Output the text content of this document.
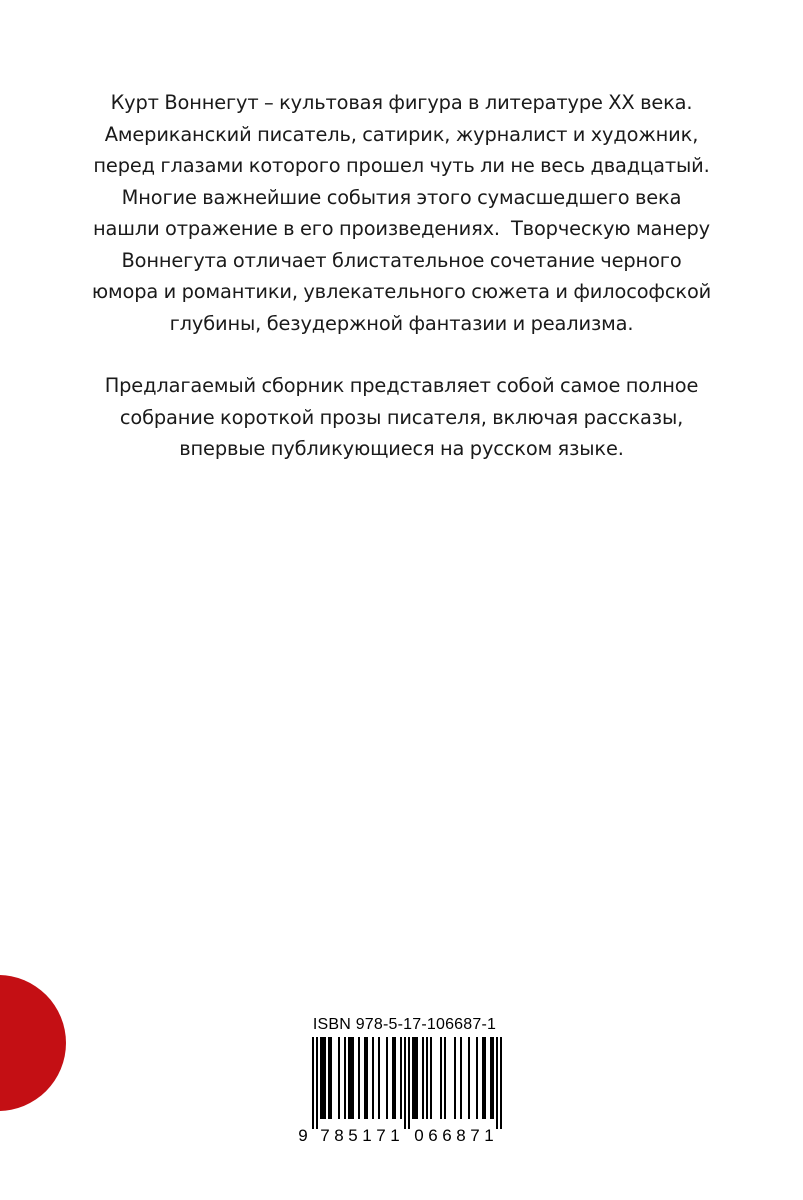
Курт Воннегут – культовая фигура в литературе XX века.
Американский писатель, сатирик, журналист и художник,
перед глазами которого прошел чуть ли не весь двадцатый.
Многие важнейшие события этого сумасшедшего века
нашли отражение в его произведениях.  Творческую манеру
Воннегута отличает блистательное сочетание черного
юмора и романтики, увлекательного сюжета и философской
глубины, безудержной фантазии и реализма.

Предлагаемый сборник представляет собой самое полное
собрание короткой прозы писателя, включая рассказы,
впервые публикующиеся на русском языке.

ISBN 978-5-17-106687-1
9 7 8 5 1 7 1 0 6 6 8 7 1
